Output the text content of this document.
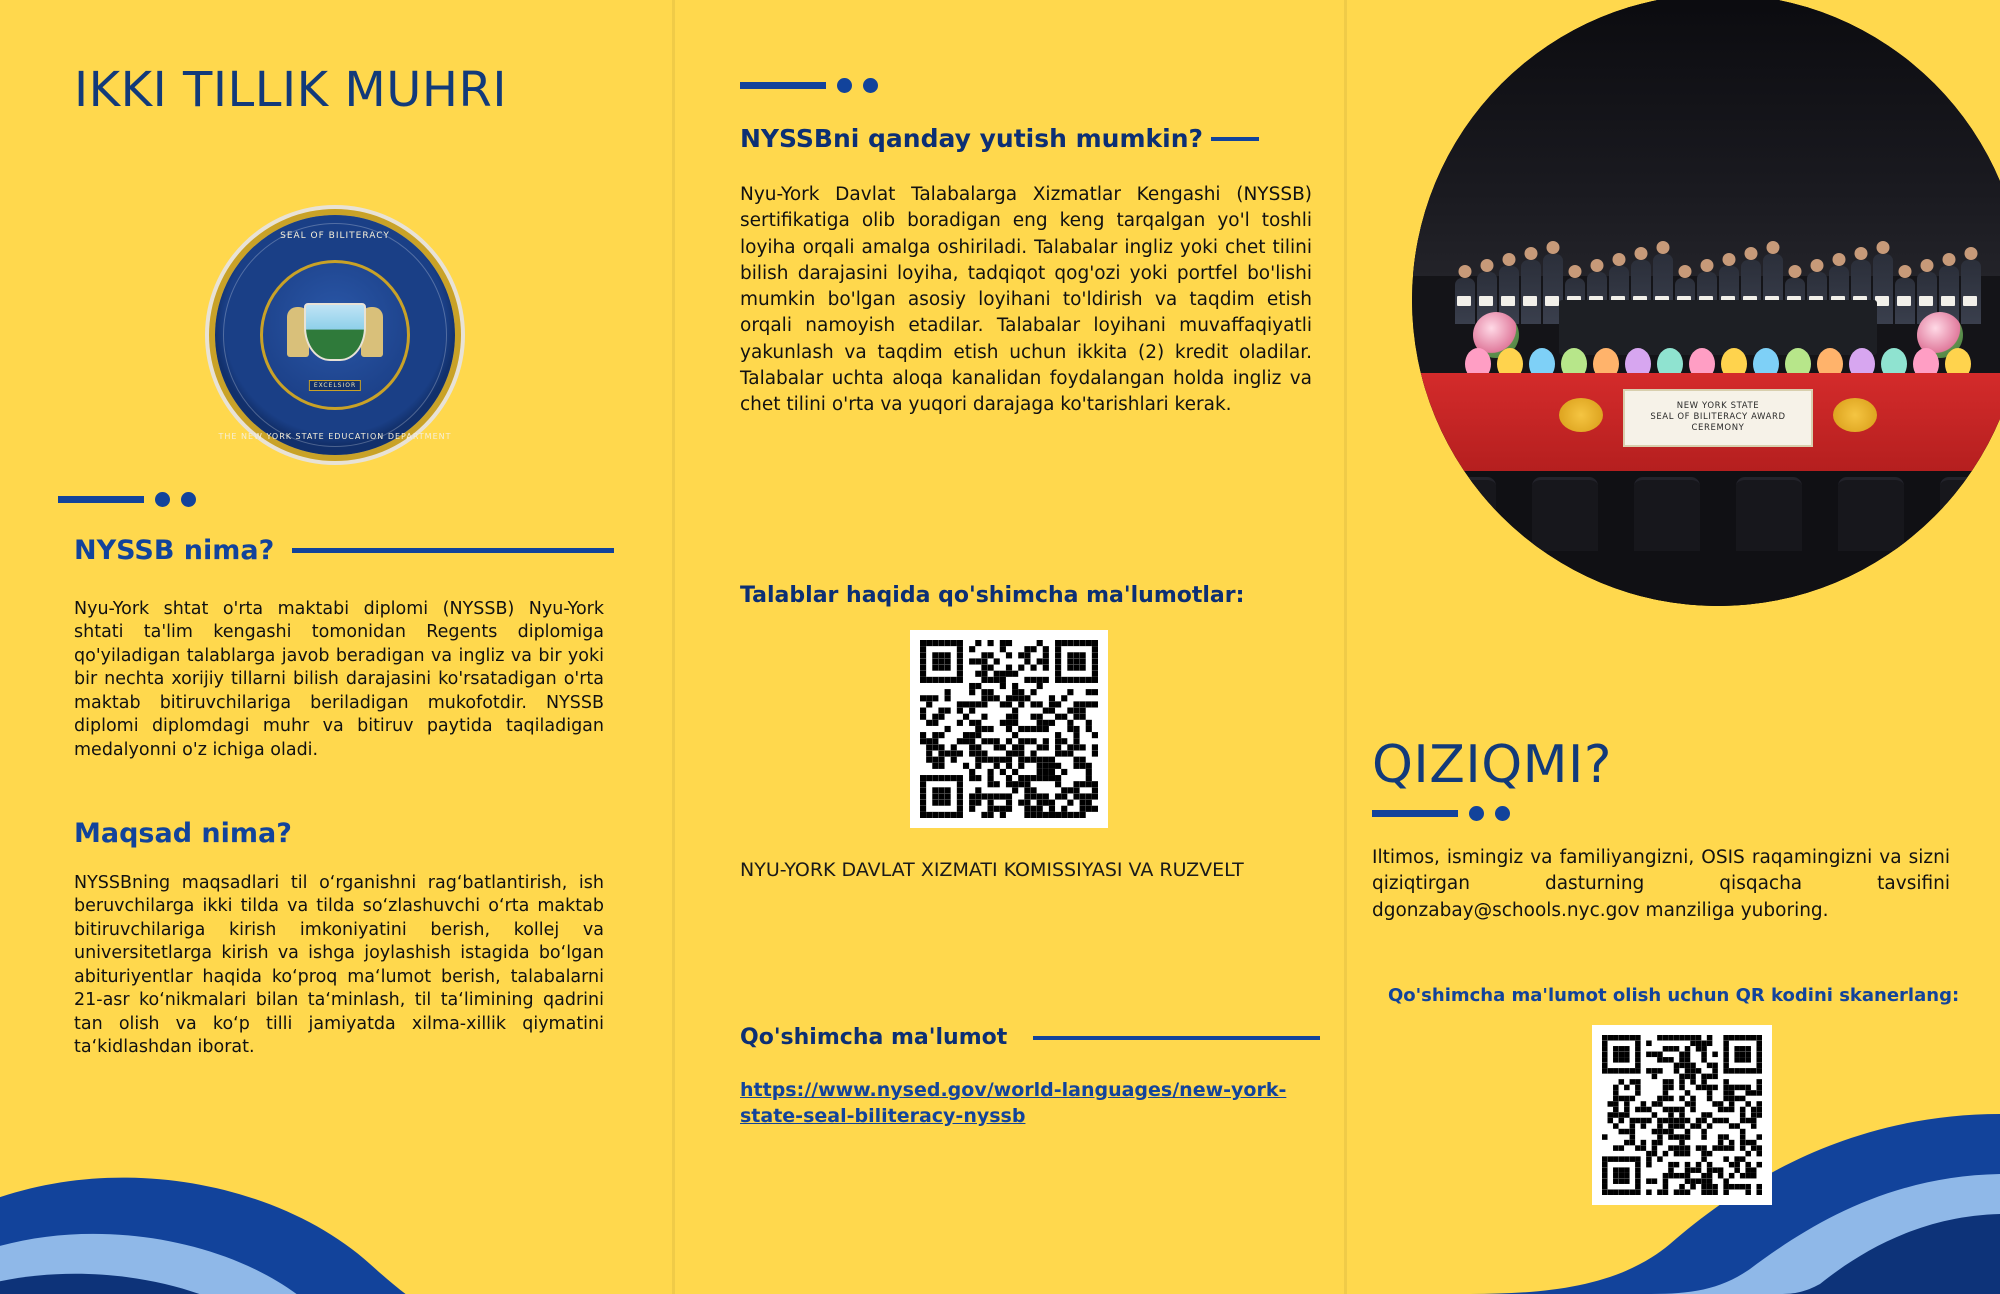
IKKI TILLIK MUHRI
SEAL OF BILITERACY
EXCELSIOR
THE NEW YORK STATE EDUCATION DEPARTMENT
NYSSB nima?
Nyu-York shtat o'rta maktabi diplomi (NYSSB) Nyu-York shtati ta'lim kengashi tomonidan Regents diplomiga qo'yiladigan talablarga javob beradigan va ingliz va bir yoki bir nechta xorijiy tillarni bilish darajasini ko'rsatadigan o'rta maktab bitiruvchilariga beriladigan mukofotdir. NYSSB diplomi diplomdagi muhr va bitiruv paytida taqiladigan medalyonni o'z ichiga oladi.
Maqsad nima?
NYSSBning maqsadlari til o‘rganishni rag‘batlantirish, ish beruvchilarga ikki tilda va tilda so‘zlashuvchi o‘rta maktab bitiruvchilariga kirish imkoniyatini berish, kollej va universitetlarga kirish va ishga joylashish istagida bo‘lgan abituriyentlar haqida ko‘proq ma‘lumot berish, talabalarni 21-asr ko‘nikmalari bilan ta‘minlash, til ta‘limining qadrini tan olish va ko‘p tilli jamiyatda xilma-xillik qiymatini ta‘kidlashdan iborat.
NYSSBni qanday yutish mumkin?
Nyu-York Davlat Talabalarga Xizmatlar Kengashi (NYSSB) sertifikatiga olib boradigan eng keng tarqalgan yo'l toshli loyiha orqali amalga oshiriladi. Talabalar ingliz yoki chet tilini bilish darajasini loyiha, tadqiqot qog'ozi yoki portfel bo'lishi mumkin bo'lgan asosiy loyihani to'ldirish va taqdim etish orqali namoyish etadilar. Talabalar loyihani muvaffaqiyatli yakunlash va taqdim etish uchun ikkita (2) kredit oladilar. Talabalar uchta aloqa kanalidan foydalangan holda ingliz va chet tilini o'rta va yuqori darajaga ko'tarishlari kerak.
Talablar haqida qo'shimcha ma'lumotlar:
NYU-YORK DAVLAT XIZMATI KOMISSIYASI VA RUZVELT
Qo'shimcha ma'lumot
https://www.nysed.gov/world-languages/new-york-state-seal-biliteracy-nyssb
NEW YORK STATE
SEAL OF BILITERACY AWARD CEREMONY
QIZIQMI?
Iltimos, ismingiz va familiyangizni, OSIS raqamingizni va sizni qiziqtirgan dasturning qisqacha tavsifini dgonzabay@schools.nyc.gov manziliga yuboring.
Qo'shimcha ma'lumot olish uchun QR kodini skanerlang:
